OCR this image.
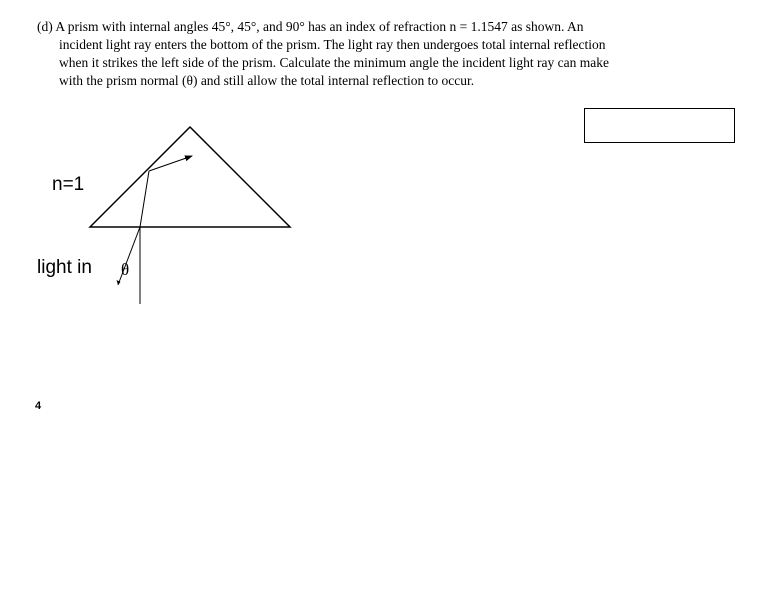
(d) A prism with internal angles 45°, 45°, and 90° has an index of refraction n = 1.1547 as shown. An
incident light ray enters the bottom of the prism. The light ray then undergoes total internal reflection
when it strikes the left side of the prism. Calculate the minimum angle the incident light ray can make
with the prism normal (θ) and still allow the total internal reflection to occur.
n=1
light in θ
4
